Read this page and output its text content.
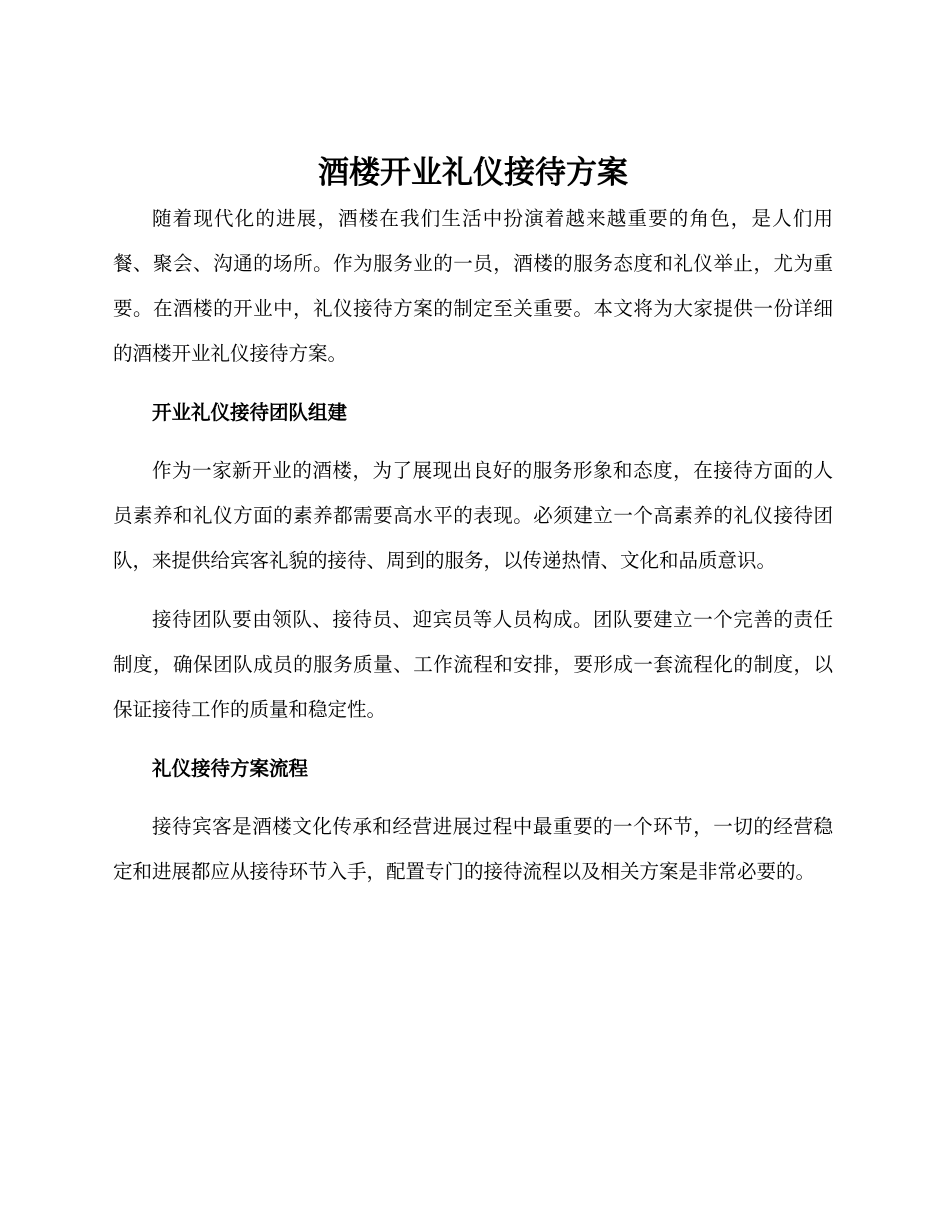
酒楼开业礼仪接待方案

随着现代化的进展，酒楼在我们生活中扮演着越来越重要的角色，是人们用餐、聚会、沟通的场所。作为服务业的一员，酒楼的服务态度和礼仪举止，尤为重要。在酒楼的开业中，礼仪接待方案的制定至关重要。本文将为大家提供一份详细的酒楼开业礼仪接待方案。

开业礼仪接待团队组建

作为一家新开业的酒楼，为了展现出良好的服务形象和态度，在接待方面的人员素养和礼仪方面的素养都需要高水平的表现。必须建立一个高素养的礼仪接待团队，来提供给宾客礼貌的接待、周到的服务，以传递热情、文化和品质意识。

接待团队要由领队、接待员、迎宾员等人员构成。团队要建立一个完善的责任制度，确保团队成员的服务质量、工作流程和安排，要形成一套流程化的制度，以保证接待工作的质量和稳定性。

礼仪接待方案流程

接待宾客是酒楼文化传承和经营进展过程中最重要的一个环节，一切的经营稳定和进展都应从接待环节入手，配置专门的接待流程以及相关方案是非常必要的。
